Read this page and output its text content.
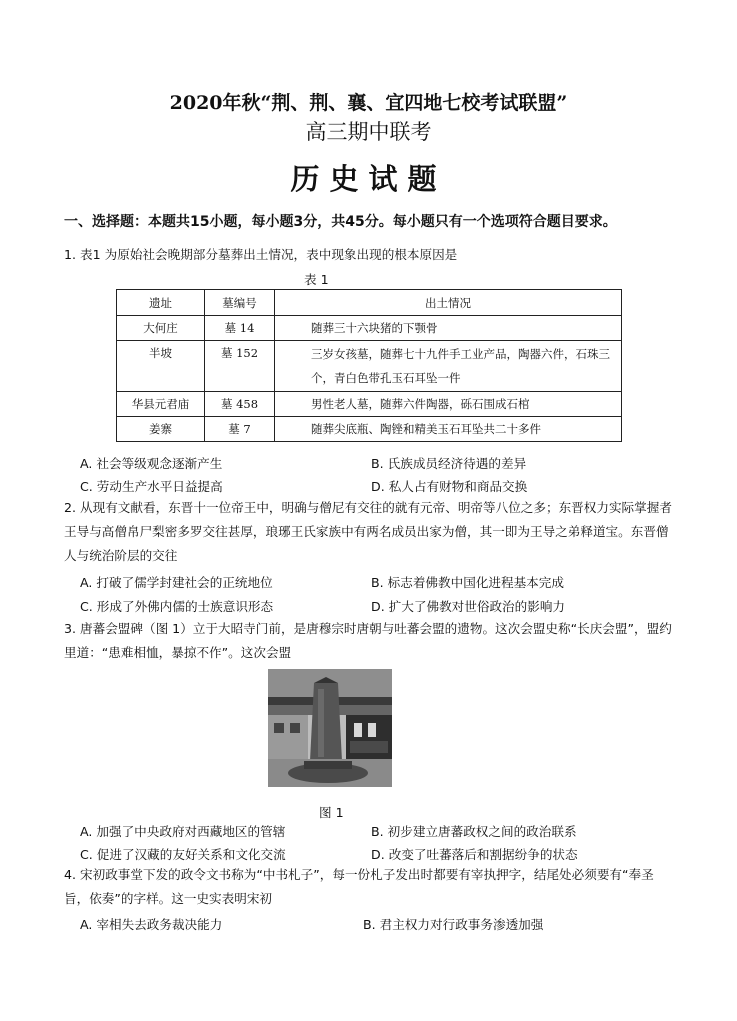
2020年秋“荆、荆、襄、宜四地七校考试联盟”
高三期中联考
历史试题
一、选择题：本题共15小题，每小题3分，共45分。每小题只有一个选项符合题目要求。
1. 表1 为原始社会晚期部分墓葬出土情况，表中现象出现的根本原因是
表 1
遗址	墓编号	出土情况
大何庄	墓 14	随葬三十六块猪的下颚骨
半坡	墓 152	三岁女孩墓，随葬七十九件手工业产品，陶器六件，石珠三个，青白色带孔玉石耳坠一件
华县元君庙	墓 458	男性老人墓，随葬六件陶器，砾石围成石棺
姜寨	墓 7	随葬尖底瓶、陶锉和精美玉石耳坠共二十多件
A. 社会等级观念逐渐产生	B. 氏族成员经济待遇的差异
C. 劳动生产水平日益提高	D. 私人占有财物和商品交换
2. 从现有文献看，东晋十一位帝王中，明确与僧尼有交往的就有元帝、明帝等八位之多；东晋权力实际掌握者王导与高僧帛尸梨密多罗交往甚厚，琅琊王氏家族中有两名成员出家为僧，其一即为王导之弟释道宝。东晋僧人与统治阶层的交往
A. 打破了儒学封建社会的正统地位	B. 标志着佛教中国化进程基本完成
C. 形成了外佛内儒的士族意识形态	D. 扩大了佛教对世俗政治的影响力
3. 唐蕃会盟碑（图 1）立于大昭寺门前，是唐穆宗时唐朝与吐蕃会盟的遗物。这次会盟史称“长庆会盟”，盟约里道：“患难相恤，暴掠不作”。这次会盟
图 1
A. 加强了中央政府对西藏地区的管辖	B. 初步建立唐蕃政权之间的政治联系
C. 促进了汉藏的友好关系和文化交流	D. 改变了吐蕃落后和割据纷争的状态
4. 宋初政事堂下发的政令文书称为“中书札子”，每一份札子发出时都要有宰执押字，结尾处必须要有“奉圣旨，依奏”的字样。这一史实表明宋初
A. 宰相失去政务裁决能力	B. 君主权力对行政事务渗透加强
